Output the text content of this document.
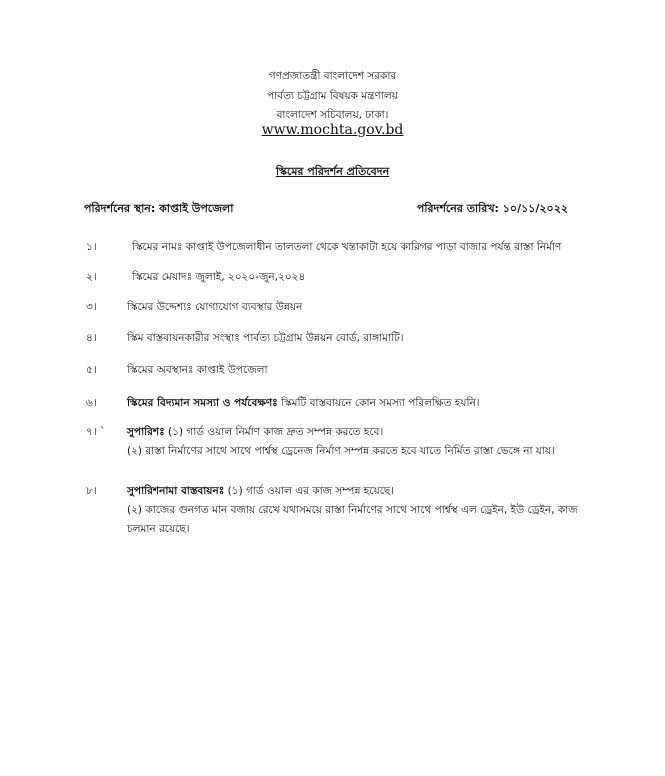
গণপ্রজাতন্ত্রী বাংলাদেশ সরকার
পার্বত্য চট্টগ্রাম বিষয়ক মন্ত্রণালয়
বাংলাদেশ সচিবালয়, ঢাকা।
www.mochta.gov.bd
স্কিমের পরিদর্শন প্রতিবেদন
পরিদর্শনের স্থান: কাপ্তাই উপজেলা	পরিদর্শনের তারিখ: ১০/১১/২০২২
১।	স্কিমের নামঃ কাপ্তাই উপজেলাধীন তালতলা থেকে খন্তাকাটা হয়ে কারিগর পাড়া বাজার পর্যন্ত রাস্তা নির্মাণ
২।	স্কিমের মেয়াদঃ জুলাই, ২০২০-জুন,২০২৪
৩।	স্কিমের উদ্দেশ্যঃ যোগাযোগ ব্যবস্থার উন্নয়ন
৪।	স্কিম বাস্তবায়নকারীর সংস্থাঃ পার্বত্য চট্টগ্রাম উন্নয়ন বোর্ড, রাঙ্গামাটি।
৫।	স্কিমের অবস্থানঃ কাপ্তাই উপজেলা
৬।	স্কিমের বিদ্যমান সমস্যা ও পর্যবেক্ষণঃ স্কিমটি বাস্তবায়নে কোন সমস্যা পরিলক্ষিত হয়নি।
৭। `	সুপারিশঃ (১) গার্ড ওয়াল নির্মাণ কাজ দ্রুত সম্পন্ন করতে হবে।
(২) রাস্তা নির্মাণের সাথে সাথে পার্শ্বস্থ ড্রেনেজ নির্মাণ সম্পন্ন করতে হবে যাতে নির্মিত রাস্তা ভেঙ্গে না যায়।
৮।	সুপারিশনামা বাস্তবায়নঃ (১) গার্ড ওয়াল এর কাজ সম্পন্ন হয়েছে।
(২) কাজের গুনগত মান বজায় রেখে যথাসময়ে রাস্তা নির্মাণের সাথে সাথে পার্শ্বস্থ এল ড্রেইন, ইউ ড্রেইন, কাজ
চলমান রয়েছে।
